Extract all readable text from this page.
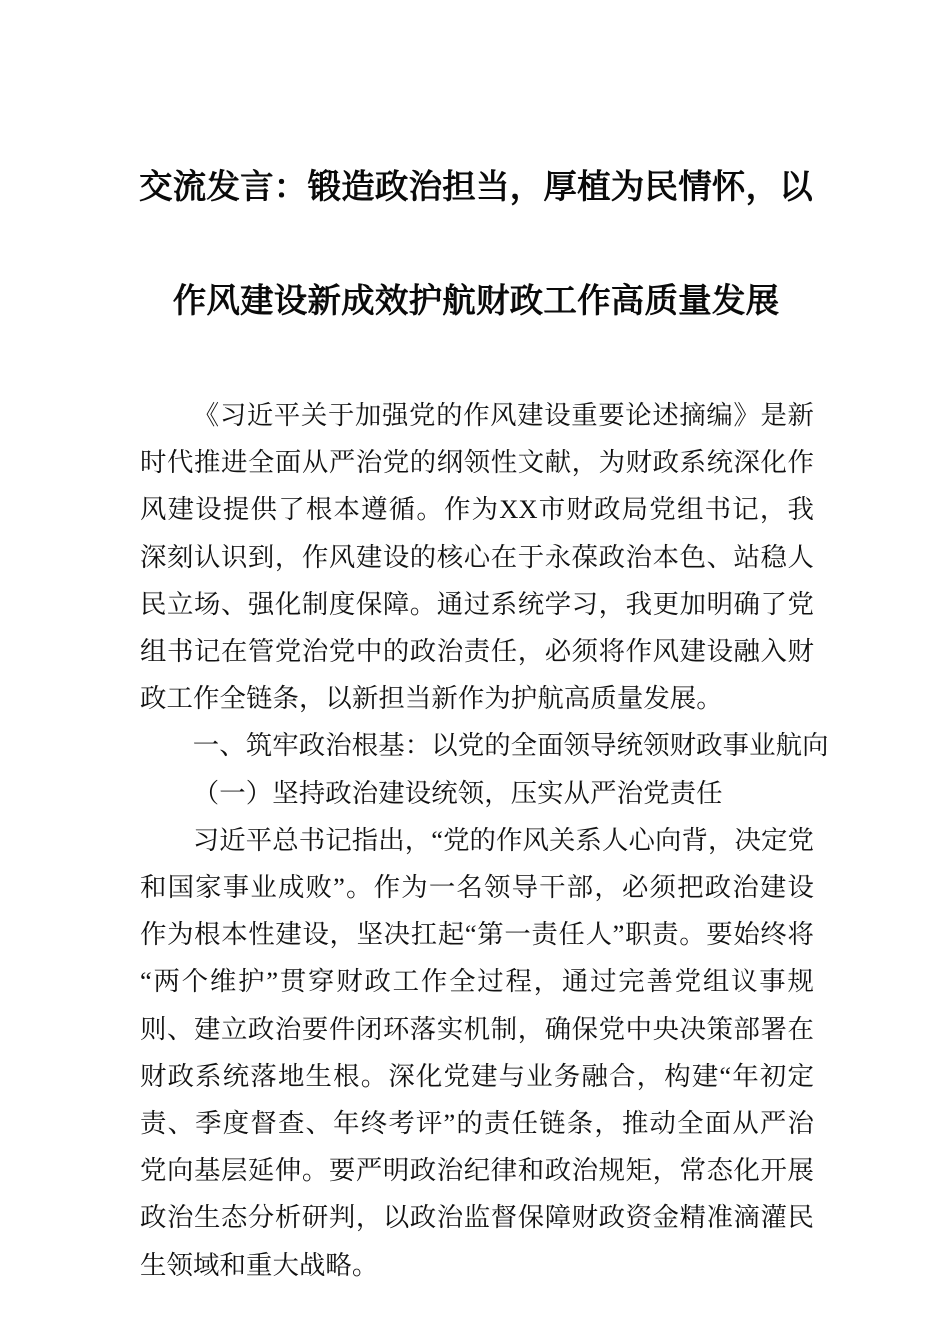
交流发言：锻造政治担当，厚植为民情怀，以
作风建设新成效护航财政工作高质量发展

《习近平关于加强党的作风建设重要论述摘编》是新时代推进全面从严治党的纲领性文献，为财政系统深化作风建设提供了根本遵循。作为XX市财政局党组书记，我深刻认识到，作风建设的核心在于永葆政治本色、站稳人民立场、强化制度保障。通过系统学习，我更加明确了党组书记在管党治党中的政治责任，必须将作风建设融入财政工作全链条，以新担当新作为护航高质量发展。

一、筑牢政治根基：以党的全面领导统领财政事业航向

（一）坚持政治建设统领，压实从严治党责任

习近平总书记指出，“党的作风关系人心向背，决定党和国家事业成败”。作为一名领导干部，必须把政治建设作为根本性建设，坚决扛起“第一责任人”职责。要始终将“两个维护”贯穿财政工作全过程，通过完善党组议事规则、建立政治要件闭环落实机制，确保党中央决策部署在财政系统落地生根。深化党建与业务融合，构建“年初定责、季度督查、年终考评”的责任链条，推动全面从严治党向基层延伸。要严明政治纪律和政治规矩，常态化开展政治生态分析研判，以政治监督保障财政资金精准滴灌民生领域和重大战略。
